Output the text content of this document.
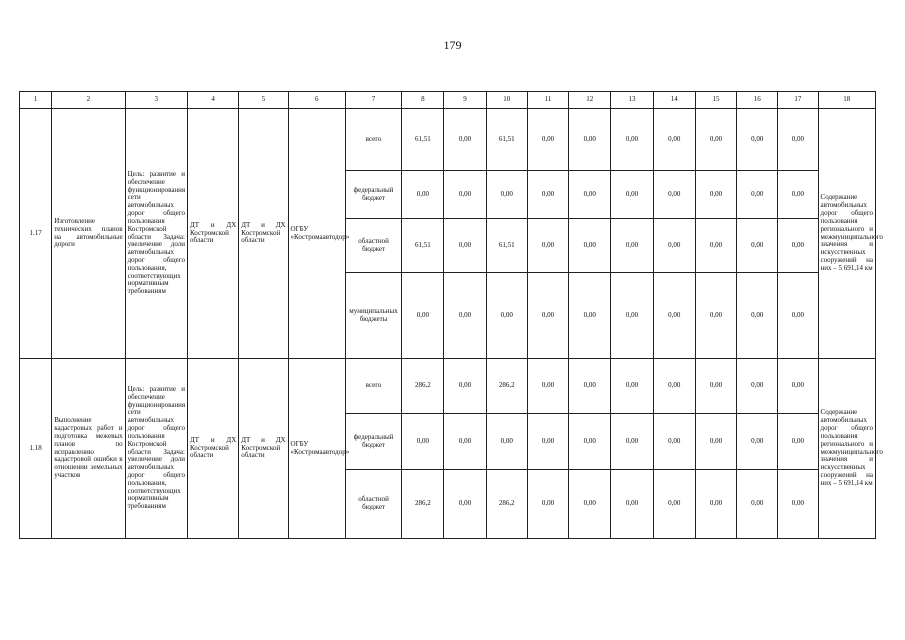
179
1	2	3	4	5	6	7	8	9	10	11	12	13	14	15	16	17	18
1.17	Изготовление технических планов на автомобильные дороги	Цель: развитие и обеспечение функционирования сети автомобильных дорог общего пользования Костромской области Задача: увеличение доли автомобильных дорог общего пользования, соответствующих нормативным требованиям	ДТ и ДХ Костромской области	ДТ и ДХ Костромской области	ОГБУ «Костромаавтодор»	всего	61,51	0,00	61,51	0,00	0,00	0,00	0,00	0,00	0,00	0,00	Содержание автомобильных дорог общего пользования регионального и межмуниципального значения и искусственных сооружений на них – 5 691,14 км
						федеральный бюджет	0,00	0,00	0,00	0,00	0,00	0,00	0,00	0,00	0,00	0,00	
						областной бюджет	61,51	0,00	61,51	0,00	0,00	0,00	0,00	0,00	0,00	0,00	
						муниципальных бюджеты	0,00	0,00	0,00	0,00	0,00	0,00	0,00	0,00	0,00	0,00	
1.18	Выполнение кадастровых работ и подготовка межевых планов по исправлению кадастровой ошибки в отношении земельных участков	Цель: развитие и обеспечение функционирования сети автомобильных дорог общего пользования Костромской области Задача: увеличение доли автомобильных дорог общего пользования, соответствующих нормативным требованиям	ДТ и ДХ Костромской области	ДТ и ДХ Костромской области	ОГБУ «Костромаавтодор»	всего	286,2	0,00	286,2	0,00	0,00	0,00	0,00	0,00	0,00	0,00	Содержание автомобильных дорог общего пользования регионального и межмуниципального значения и искусственных сооружений на них – 5 691,14 км
						федеральный бюджет	0,00	0,00	0,00	0,00	0,00	0,00	0,00	0,00	0,00	0,00	
						областной бюджет	286,2	0,00	286,2	0,00	0,00	0,00	0,00	0,00	0,00	0,00	
